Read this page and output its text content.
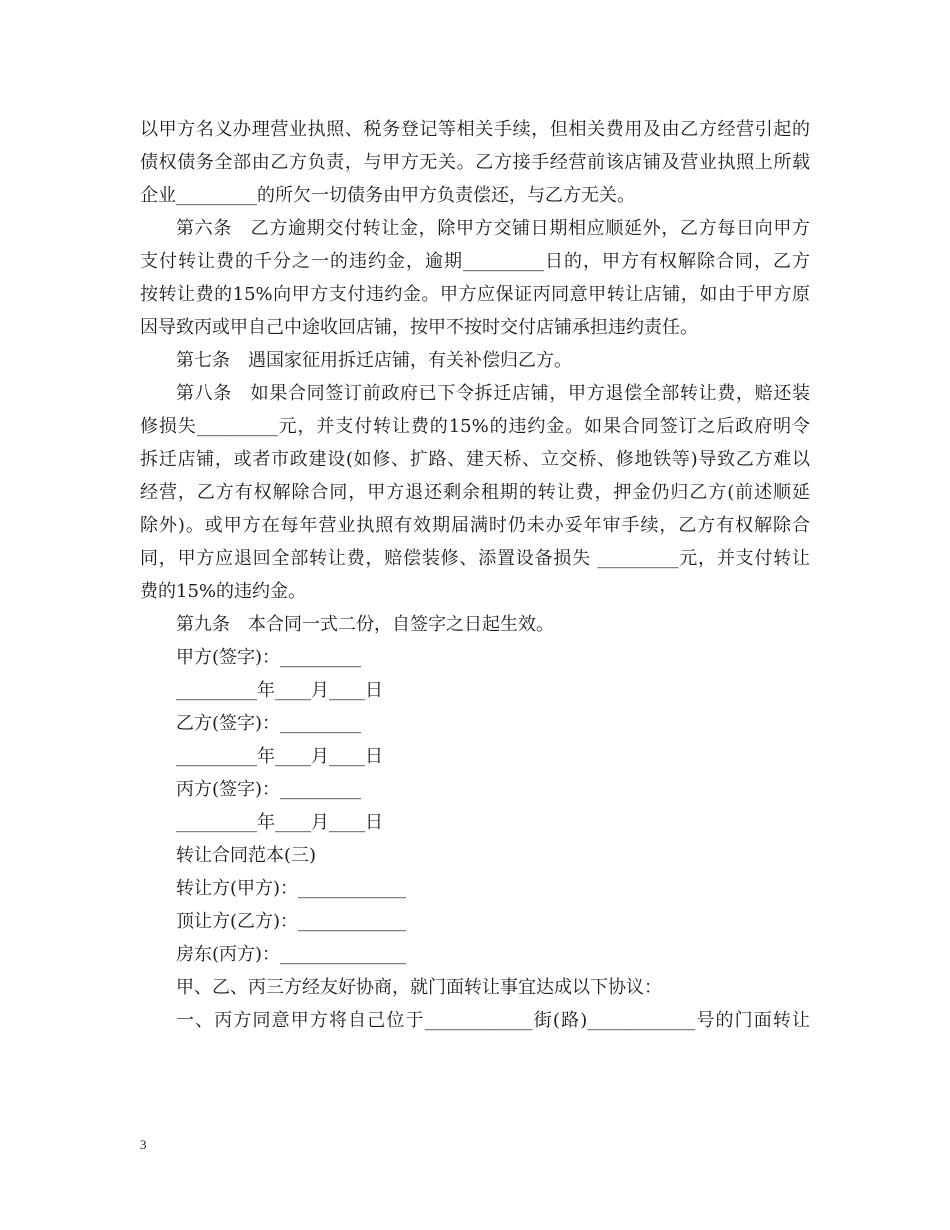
以甲方名义办理营业执照、税务登记等相关手续，但相关费用及由乙方经营引起的
债权债务全部由乙方负责，与甲方无关。乙方接手经营前该店铺及营业执照上所载
企业_________的所欠一切债务由甲方负责偿还，与乙方无关。
第六条　乙方逾期交付转让金，除甲方交铺日期相应顺延外，乙方每日向甲方
支付转让费的千分之一的违约金，逾期_________日的，甲方有权解除合同，乙方
按转让费的15%向甲方支付违约金。甲方应保证丙同意甲转让店铺，如由于甲方原
因导致丙或甲自己中途收回店铺，按甲不按时交付店铺承担违约责任。
第七条　遇国家征用拆迁店铺，有关补偿归乙方。
第八条　如果合同签订前政府已下令拆迁店铺，甲方退偿全部转让费，赔还装
修损失_________元，并支付转让费的15%的违约金。如果合同签订之后政府明令
拆迁店铺，或者市政建设(如修、扩路、建天桥、立交桥、修地铁等)导致乙方难以
经营，乙方有权解除合同，甲方退还剩余租期的转让费，押金仍归乙方(前述顺延
除外)。或甲方在每年营业执照有效期届满时仍未办妥年审手续，乙方有权解除合
同，甲方应退回全部转让费，赔偿装修、添置设备损失 _________元，并支付转让
费的15%的违约金。
第九条　本合同一式二份，自签字之日起生效。
甲方(签字)：_________
_________年____月____日
乙方(签字)：_________
_________年____月____日
丙方(签字)：_________
_________年____月____日
转让合同范本(三)
转让方(甲方)：____________
顶让方(乙方)：____________
房东(丙方)：______________
甲、乙、丙三方经友好协商，就门面转让事宜达成以下协议：
一、丙方同意甲方将自己位于____________街(路)____________号的门面转让
3
